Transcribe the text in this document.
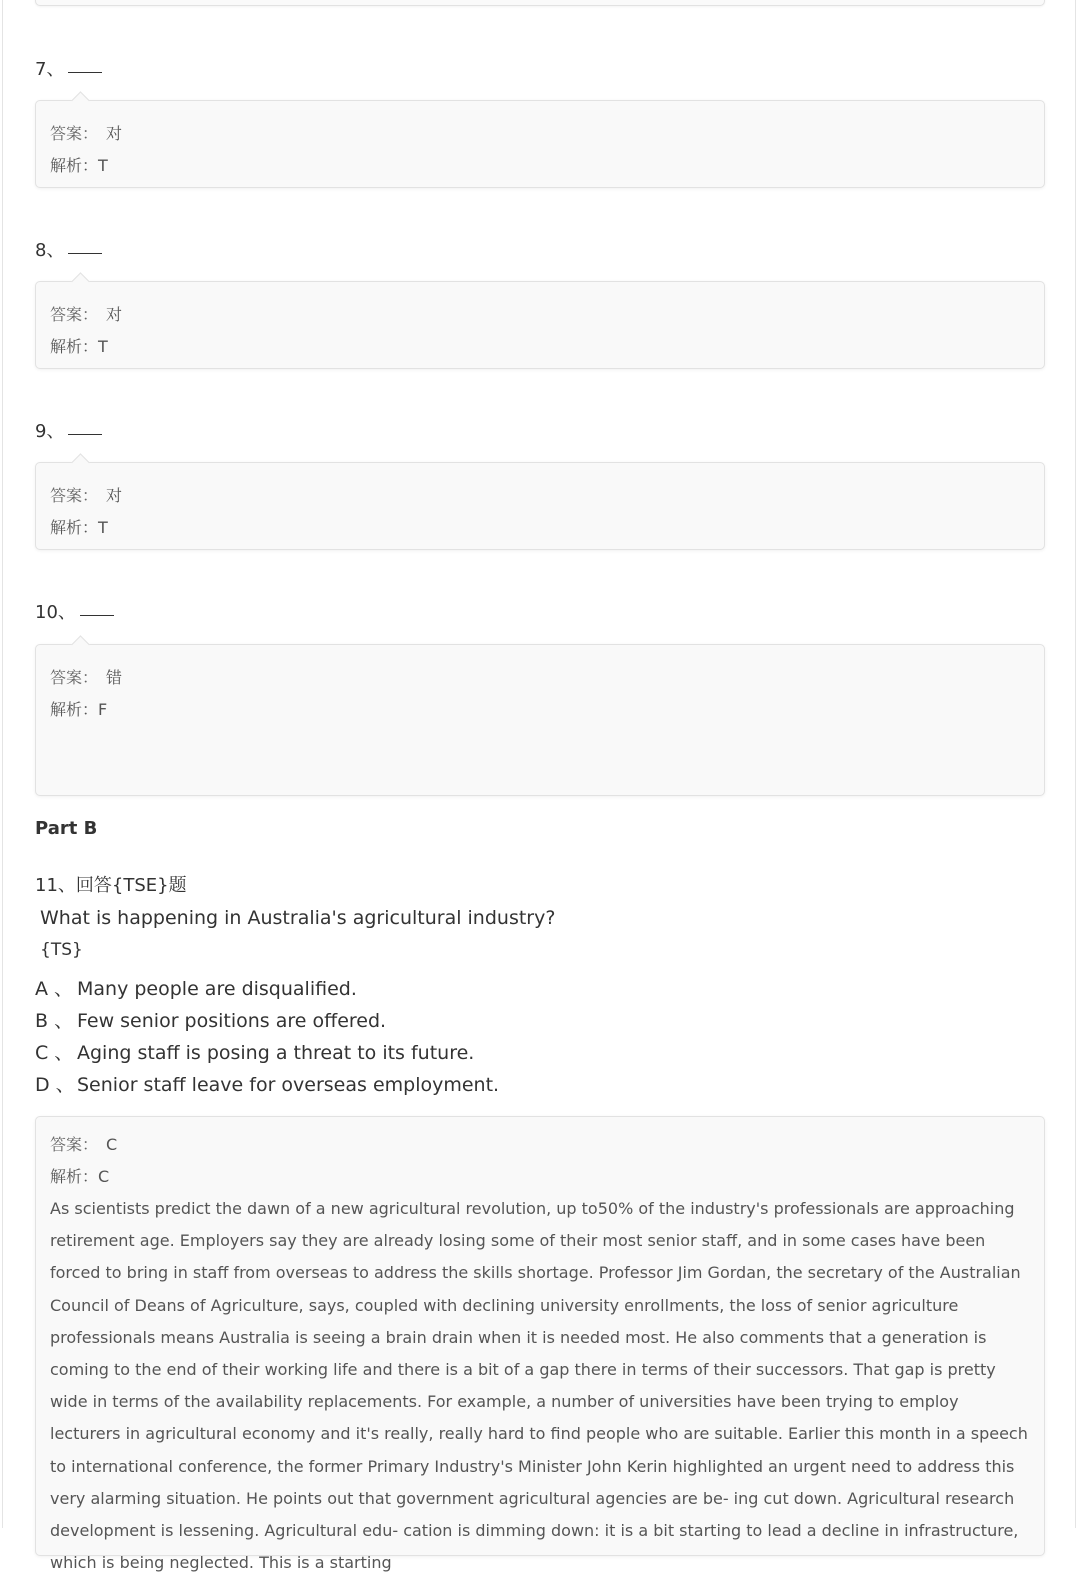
7、
答案： 对
解析：T
8、
答案： 对
解析：T
9、
答案： 对
解析：T
10、
答案： 错
解析：F
Part B
11、回答{TSE}题
What is happening in Australia's agricultural industry?
{TS}
A 、 Many people are disqualified.
B 、 Few senior positions are offered.
C 、 Aging staff is posing a threat to its future.
D 、 Senior staff leave for overseas employment.
答案： C
解析：C
As scientists predict the dawn of a new agricultural revolution, up to50% of the industry's professionals are approaching retirement age. Employers say they are already losing some of their most senior staff, and in some cases have been forced to bring in staff from overseas to address the skills shortage. Professor Jim Gordan, the secretary of the Australian Council of Deans of Agriculture, says, coupled with declining university enrollments, the loss of senior agriculture professionals means Australia is seeing a brain drain when it is needed most. He also comments that a generation is coming to the end of their working life and there is a bit of a gap there in terms of their successors. That gap is pretty wide in terms of the availability replacements. For example, a number of universities have been trying to employ lecturers in agricultural economy and it's really, really hard to find people who are suitable. Earlier this month in a speech to international conference, the former Primary Industry's Minister John Kerin highlighted an urgent need to address this very alarming situation. He points out that government agricultural agencies are be- ing cut down. Agricultural research development is lessening. Agricultural edu- cation is dimming down: it is a bit starting to lead a decline in infrastructure, which is being neglected. This is a starting
